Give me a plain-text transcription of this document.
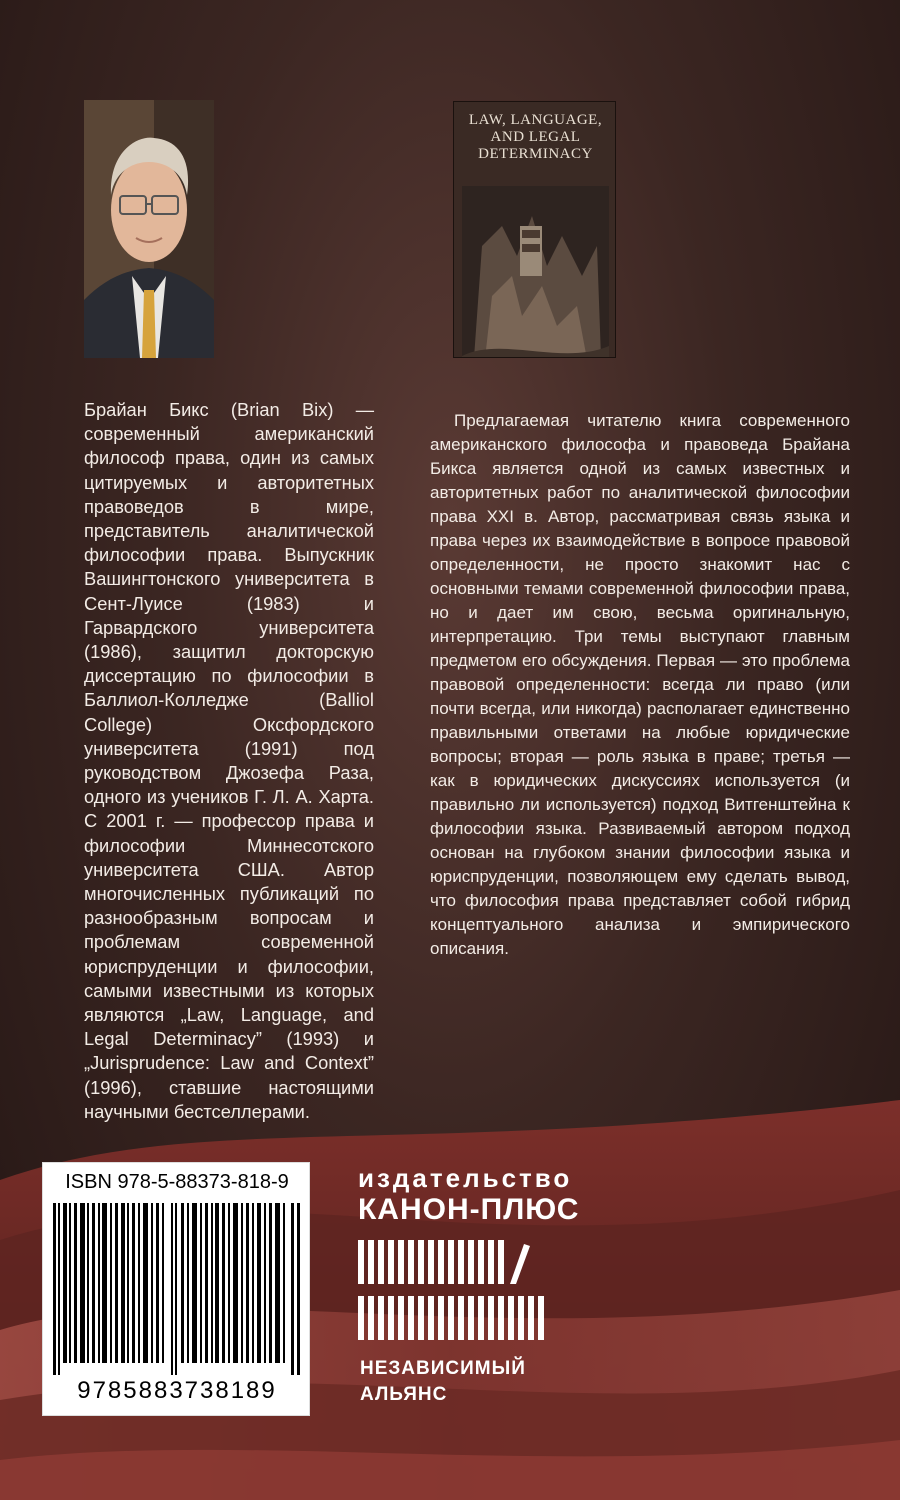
LAW, LANGUAGE,
AND LEGAL
DETERMINACY
Брайан Бикс (Brian Bix) — современный американский философ права, один из самых цитируемых и авторитетных правоведов в мире, представитель аналитической философии права. Выпускник Вашингтонского университета в Сент-Луисе (1983) и Гарвардского университета (1986), защитил докторскую диссертацию по философии в Баллиол-Колледже (Balliol College) Оксфордского университета (1991) под руководством Джозефа Раза, одного из учеников Г. Л. А. Харта. С 2001 г. — профессор права и философии Миннесотского университета США. Автор многочисленных публикаций по разнообразным вопросам и проблемам современной юриспруденции и философии, самыми известными из которых являются „Law, Language, and Legal Determinacy” (1993) и „Jurisprudence: Law and Context” (1996), ставшие настоящими научными бестселлерами.
Предлагаемая читателю книга современного американского философа и правоведа Брайана Бикса является одной из самых известных и авторитетных работ по аналитической философии права XXI в. Автор, рассматривая связь языка и права через их взаимодействие в вопросе правовой определенности, не просто знакомит нас с основными темами современной философии права, но и дает им свою, весьма оригинальную, интерпретацию. Три темы выступают главным предметом его обсуждения. Первая — это проблема правовой определенности: всегда ли право (или почти всегда, или никогда) располагает единственно правильными ответами на любые юридические вопросы; вторая — роль языка в праве; третья — как в юридических дискуссиях используется (и правильно ли используется) подход Витгенштейна к философии языка. Развиваемый автором подход основан на глубоком знании философии языка и юриспруденции, позволяющем ему сделать вывод, что философия права представляет собой гибрид концептуального анализа и эмпирического описания.
ISBN 978-5-88373-818-9
9785883738189
издательство
КАНОН-ПЛЮС
НЕЗАВИСИМЫЙ
АЛЬЯНС
